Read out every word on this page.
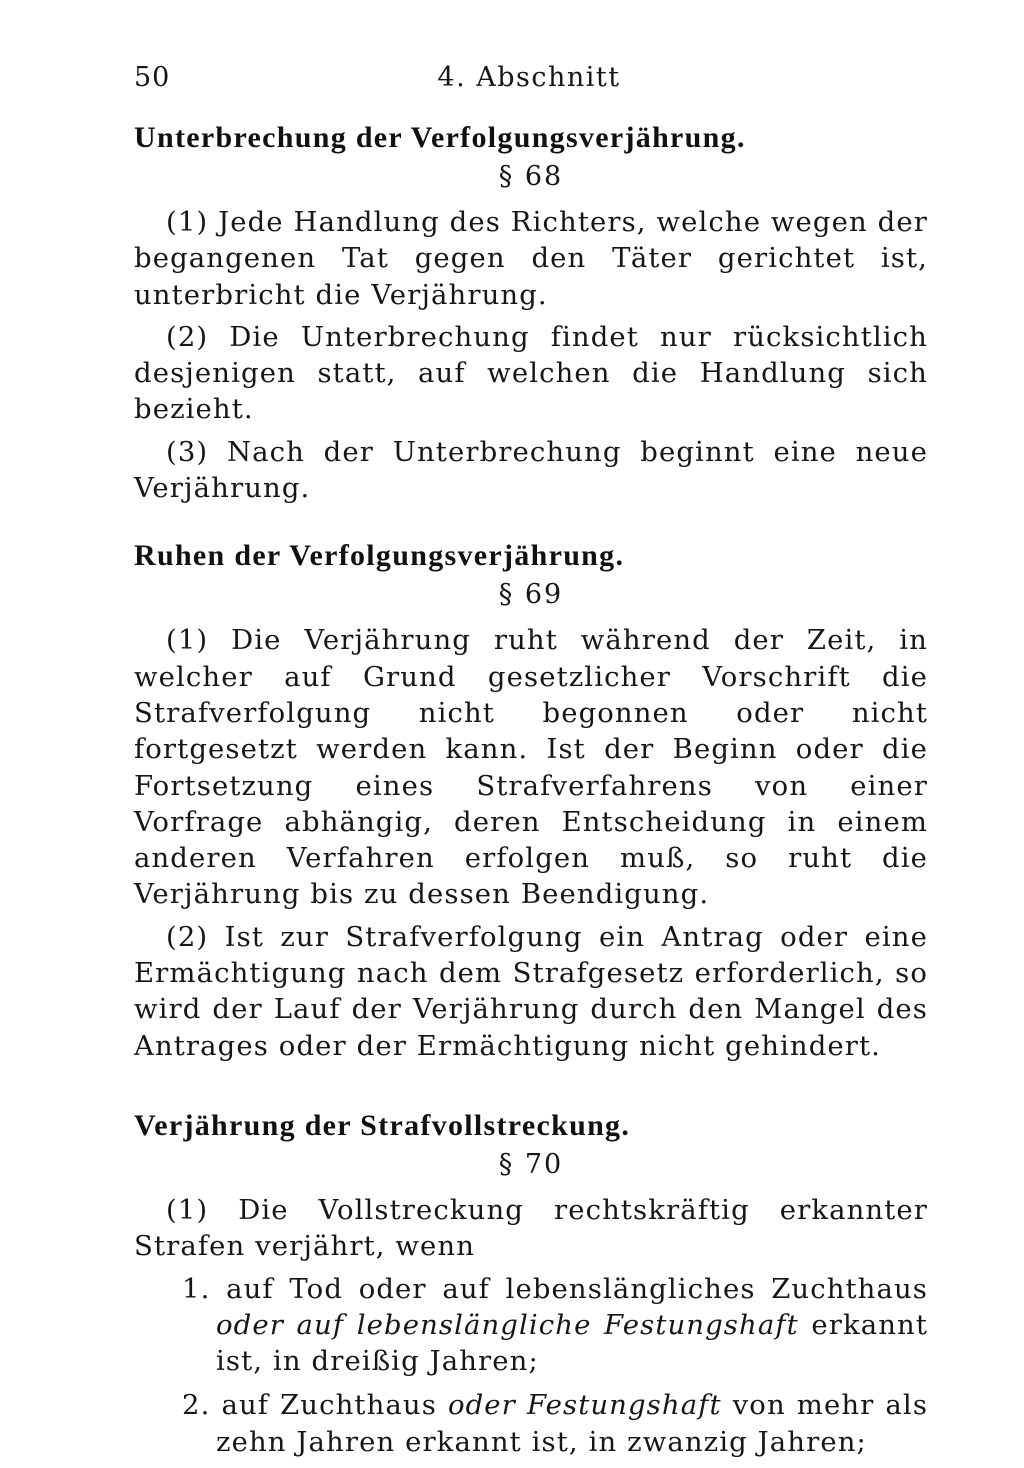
50	4. Abschnitt
Unterbrechung der Verfolgungsverjährung.

§ 68

(1) Jede Handlung des Richters, welche wegen der begangenen Tat gegen den Täter gerichtet ist, unterbricht die Verjährung.

(2) Die Unterbrechung findet nur rücksichtlich desjenigen statt, auf welchen die Handlung sich bezieht.

(3) Nach der Unterbrechung beginnt eine neue Verjährung.

Ruhen der Verfolgungsverjährung.

§ 69

(1) Die Verjährung ruht während der Zeit, in welcher auf Grund gesetzlicher Vorschrift die Strafverfolgung nicht begonnen oder nicht fortgesetzt werden kann. Ist der Beginn oder die Fortsetzung eines Strafverfahrens von einer Vorfrage abhängig, deren Entscheidung in einem anderen Verfahren erfolgen muß, so ruht die Verjährung bis zu dessen Beendigung.

(2) Ist zur Strafverfolgung ein Antrag oder eine Ermächtigung nach dem Strafgesetz erforderlich, so wird der Lauf der Verjährung durch den Mangel des Antrages oder der Ermächtigung nicht gehindert.

Verjährung der Strafvollstreckung.

§ 70

(1) Die Vollstreckung rechtskräftig erkannter Strafen verjährt, wenn

1. auf Tod oder auf lebenslängliches Zuchthaus oder auf lebenslängliche Festungshaft erkannt ist, in dreißig Jahren;
2. auf Zuchthaus oder Festungshaft von mehr als zehn Jahren erkannt ist, in zwanzig Jahren;
